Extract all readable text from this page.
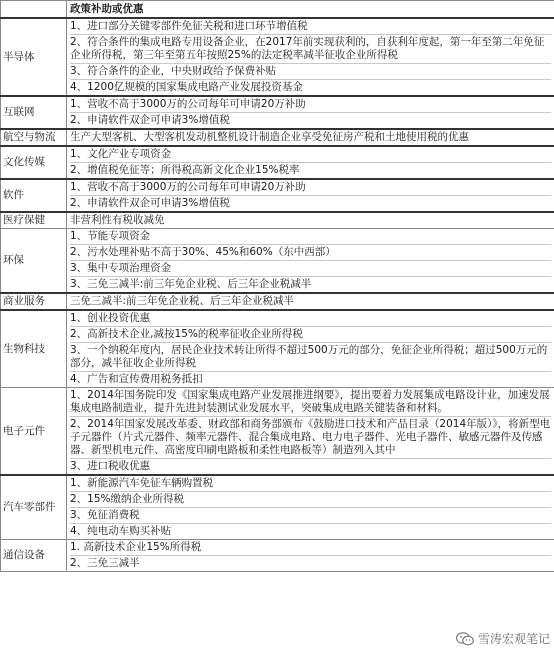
	政策补助或优惠
半导体	1、进口部分关键零部件免征关税和进口环节增值税
2、符合条件的集成电路专用设备企业，在2017年前实现获利的，自获利年度起，第一年至第二年免征企业所得税，第三年至第五年按照25%的法定税率减半征收企业所得税
3、符合条件的企业，中央财政给予保费补贴
4、1200亿规模的国家集成电路产业发展投资基金

互联网	1、营收不高于3000万的公司每年可申请20万补助
2、申请软件双企可申请3%增值税

航空与物流	生产大型客机、大型客机发动机整机设计制造企业享受免征房产税和土地使用税的优惠

文化传媒	1、文化产业专项资金
2、增值税免征等；所得税高新文化企业15%税率

软件	1、营收不高于3000万的公司每年可申请20万补助
2、申请软件双企可申请3%增值税

医疗保健	非营利性有税收减免

环保	1、节能专项资金
2、污水处理补贴不高于30%、45%和60%（东中西部）
3、集中专项治理资金
3、三免三减半:前三年免企业税、后三年企业税减半

商业服务	三免三减半:前三年免企业税、后三年企业税减半

生物科技	1、创业投资优惠
2、高新技术企业,减按15%的税率征收企业所得税
3、一个纳税年度内，居民企业技术转让所得不超过500万元的部分，免征企业所得税；超过500万元的部分，减半征收企业所得税
4、广告和宣传费用税务抵扣

电子元件	1、2014年国务院印发《国家集成电路产业发展推进纲要》，提出要着力发展集成电路设计业，加速发展集成电路制造业，提升先进封装测试业发展水平，突破集成电路关键装备和材料。
2、2014年国家发展改革委、财政部和商务部颁布《鼓励进口技术和产品目录（2014年版）》，将新型电子元器件（片式元器件、频率元器件、混合集成电路、电力电子器件、光电子器件、敏感元器件及传感器、新型机电元件、高密度印刷电路板和柔性电路板等）制造列入其中
3、进口税收优惠

汽车零部件	1、新能源汽车免征车辆购置税
2、15%缴纳企业所得税
3、免征消费税
4、纯电动车购买补贴

通信设备	1. 高新技术企业15%所得税
2、三免三减半
雪涛宏观笔记
